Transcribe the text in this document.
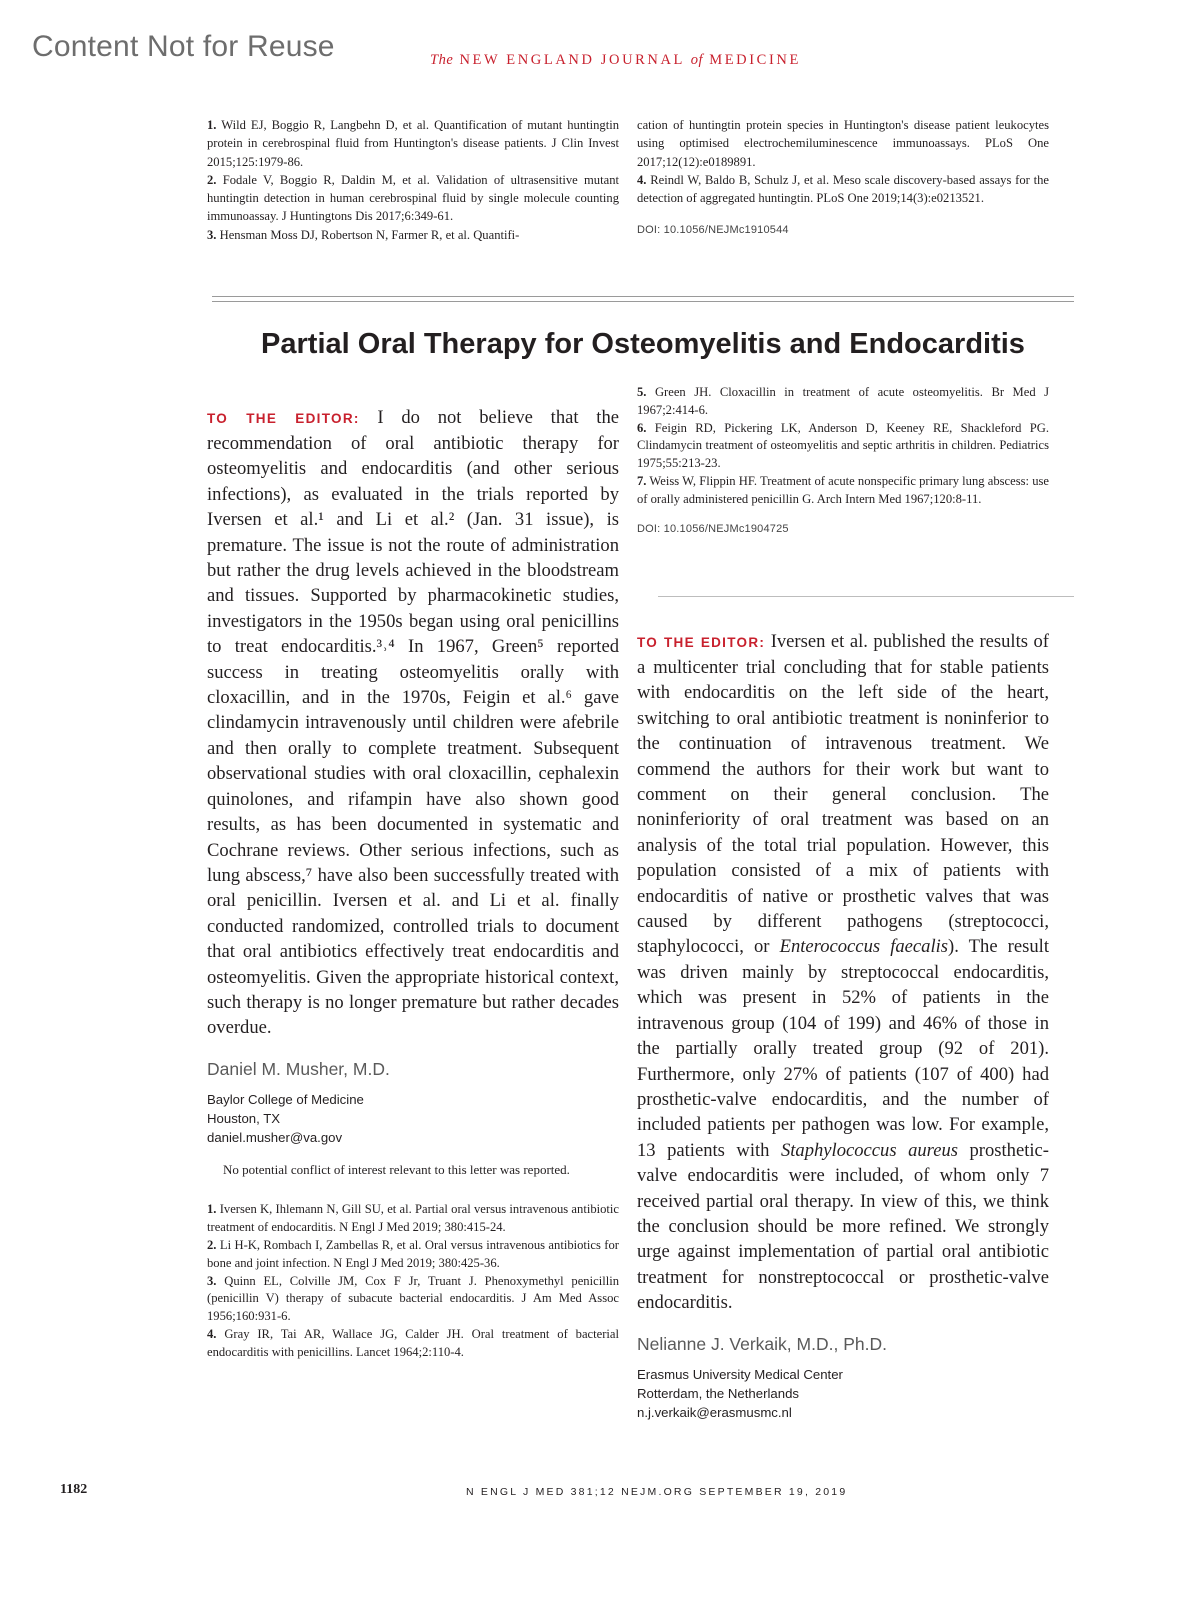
Content Not for Reuse	The NEW ENGLAND JOURNAL of MEDICINE

1. Wild EJ, Boggio R, Langbehn D, et al. Quantification of mutant huntingtin protein in cerebrospinal fluid from Huntington's disease patients. J Clin Invest 2015;125:1979-86.

2. Fodale V, Boggio R, Daldin M, et al. Validation of ultrasensitive mutant huntingtin detection in human cerebrospinal fluid by single molecule counting immunoassay. J Huntingtons Dis 2017;6:349-61.

3. Hensman Moss DJ, Robertson N, Farmer R, et al. Quantifi-

cation of huntingtin protein species in Huntington's disease patient leukocytes using optimised electrochemiluminescence immunoassays. PLoS One 2017;12(12):e0189891.

4. Reindl W, Baldo B, Schulz J, et al. Meso scale discovery-based assays for the detection of aggregated huntingtin. PLoS One 2019;14(3):e0213521.

DOI: 10.1056/NEJMc1910544

Partial Oral Therapy for Osteomyelitis and Endocarditis

TO THE EDITOR: I do not believe that the recommendation of oral antibiotic therapy for osteomyelitis and endocarditis (and other serious infections), as evaluated in the trials reported by Iversen et al.¹ and Li et al.² (Jan. 31 issue), is premature. The issue is not the route of administration but rather the drug levels achieved in the bloodstream and tissues. Supported by pharmacokinetic studies, investigators in the 1950s began using oral penicillins to treat endocarditis.³˒⁴ In 1967, Green⁵ reported success in treating osteomyelitis orally with cloxacillin, and in the 1970s, Feigin et al.⁶ gave clindamycin intravenously until children were afebrile and then orally to complete treatment. Subsequent observational studies with oral cloxacillin, cephalexin quinolones, and rifampin have also shown good results, as has been documented in systematic and Cochrane reviews. Other serious infections, such as lung abscess,⁷ have also been successfully treated with oral penicillin. Iversen et al. and Li et al. finally conducted randomized, controlled trials to document that oral antibiotics effectively treat endocarditis and osteomyelitis. Given the appropriate historical context, such therapy is no longer premature but rather decades overdue.

Daniel M. Musher, M.D.
Baylor College of Medicine
Houston, TX
daniel.musher@va.gov

No potential conflict of interest relevant to this letter was reported.

1. Iversen K, Ihlemann N, Gill SU, et al. Partial oral versus intravenous antibiotic treatment of endocarditis. N Engl J Med 2019; 380:415-24.

2. Li H-K, Rombach I, Zambellas R, et al. Oral versus intravenous antibiotics for bone and joint infection. N Engl J Med 2019; 380:425-36.

3. Quinn EL, Colville JM, Cox F Jr, Truant J. Phenoxymethyl penicillin (penicillin V) therapy of subacute bacterial endocarditis. J Am Med Assoc 1956;160:931-6.

4. Gray IR, Tai AR, Wallace JG, Calder JH. Oral treatment of bacterial endocarditis with penicillins. Lancet 1964;2:110-4.

5. Green JH. Cloxacillin in treatment of acute osteomyelitis. Br Med J 1967;2:414-6.

6. Feigin RD, Pickering LK, Anderson D, Keeney RE, Shackleford PG. Clindamycin treatment of osteomyelitis and septic arthritis in children. Pediatrics 1975;55:213-23.

7. Weiss W, Flippin HF. Treatment of acute nonspecific primary lung abscess: use of orally administered penicillin G. Arch Intern Med 1967;120:8-11.

DOI: 10.1056/NEJMc1904725

TO THE EDITOR: Iversen et al. published the results of a multicenter trial concluding that for stable patients with endocarditis on the left side of the heart, switching to oral antibiotic treatment is noninferior to the continuation of intravenous treatment. We commend the authors for their work but want to comment on their general conclusion. The noninferiority of oral treatment was based on an analysis of the total trial population. However, this population consisted of a mix of patients with endocarditis of native or prosthetic valves that was caused by different pathogens (streptococci, staphylococci, or Enterococcus faecalis). The result was driven mainly by streptococcal endocarditis, which was present in 52% of patients in the intravenous group (104 of 199) and 46% of those in the partially orally treated group (92 of 201). Furthermore, only 27% of patients (107 of 400) had prosthetic-valve endocarditis, and the number of included patients per pathogen was low. For example, 13 patients with Staphylococcus aureus prosthetic-valve endocarditis were included, of whom only 7 received partial oral therapy. In view of this, we think the conclusion should be more refined. We strongly urge against implementation of partial oral antibiotic treatment for nonstreptococcal or prosthetic-valve endocarditis.

Nelianne J. Verkaik, M.D., Ph.D.
Erasmus University Medical Center
Rotterdam, the Netherlands
n.j.verkaik@erasmusmc.nl
1182	N ENGL J MED 381;12 NEJM.ORG SEPTEMBER 19, 2019
